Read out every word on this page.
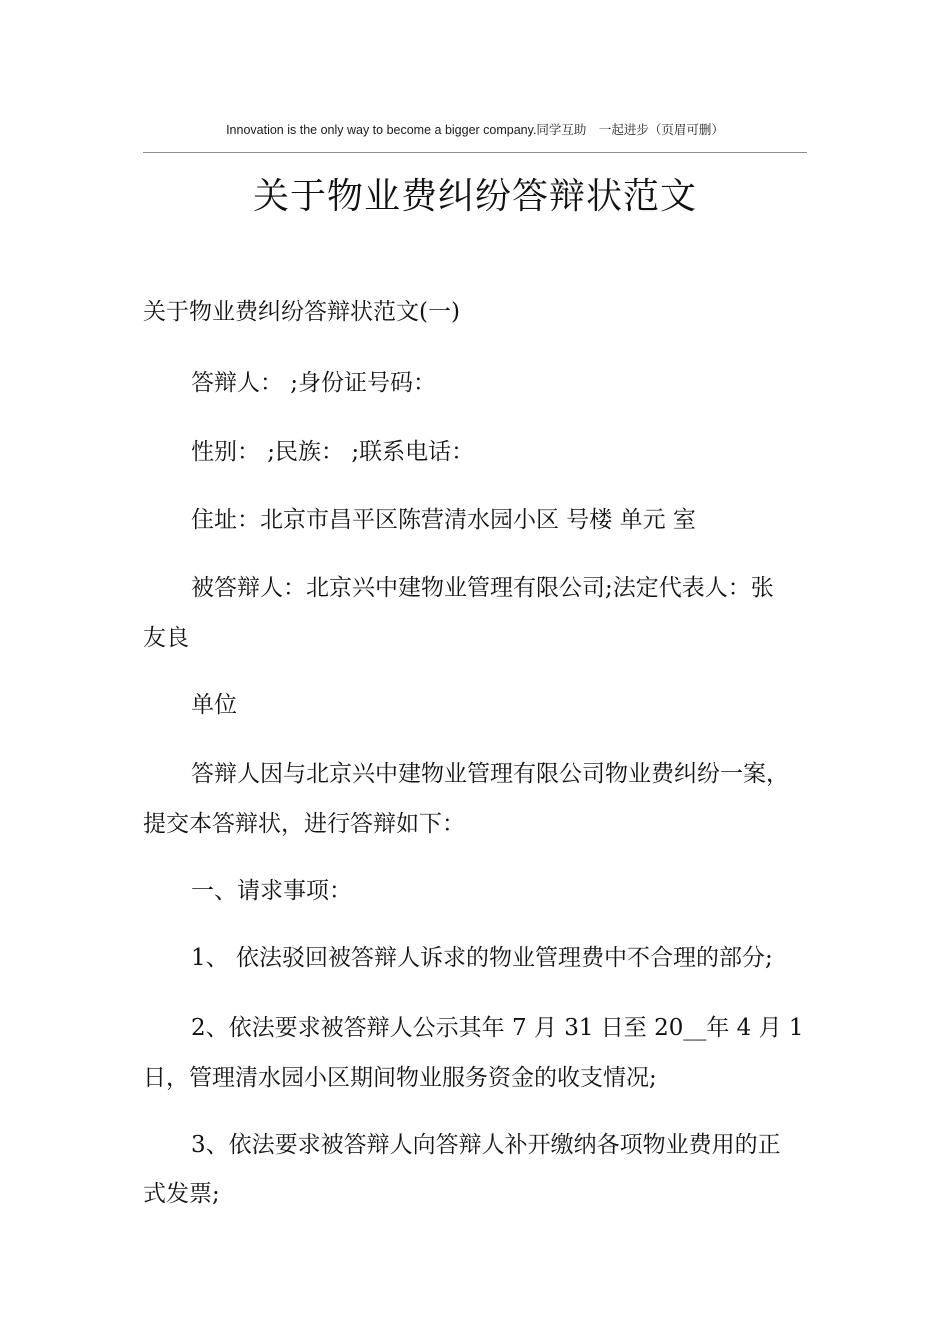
Innovation is the only way to become a bigger company.同学互助　一起进步（页眉可删）
关于物业费纠纷答辩状范文

关于物业费纠纷答辩状范文(一)

答辩人： ;身份证号码：

性别： ;民族： ;联系电话：

住址：北京市昌平区陈营清水园小区 号楼 单元 室

被答辩人：北京兴中建物业管理有限公司;法定代表人：张

友良

单位

答辩人因与北京兴中建物业管理有限公司物业费纠纷一案，

提交本答辩状，进行答辩如下：

一、请求事项：

1、 依法驳回被答辩人诉求的物业管理费中不合理的部分;

2、依法要求被答辩人公示其年 7 月 31 日至 20__年 4 月 1

日，管理清水园小区期间物业服务资金的收支情况;

3、依法要求被答辩人向答辩人补开缴纳各项物业费用的正

式发票;
